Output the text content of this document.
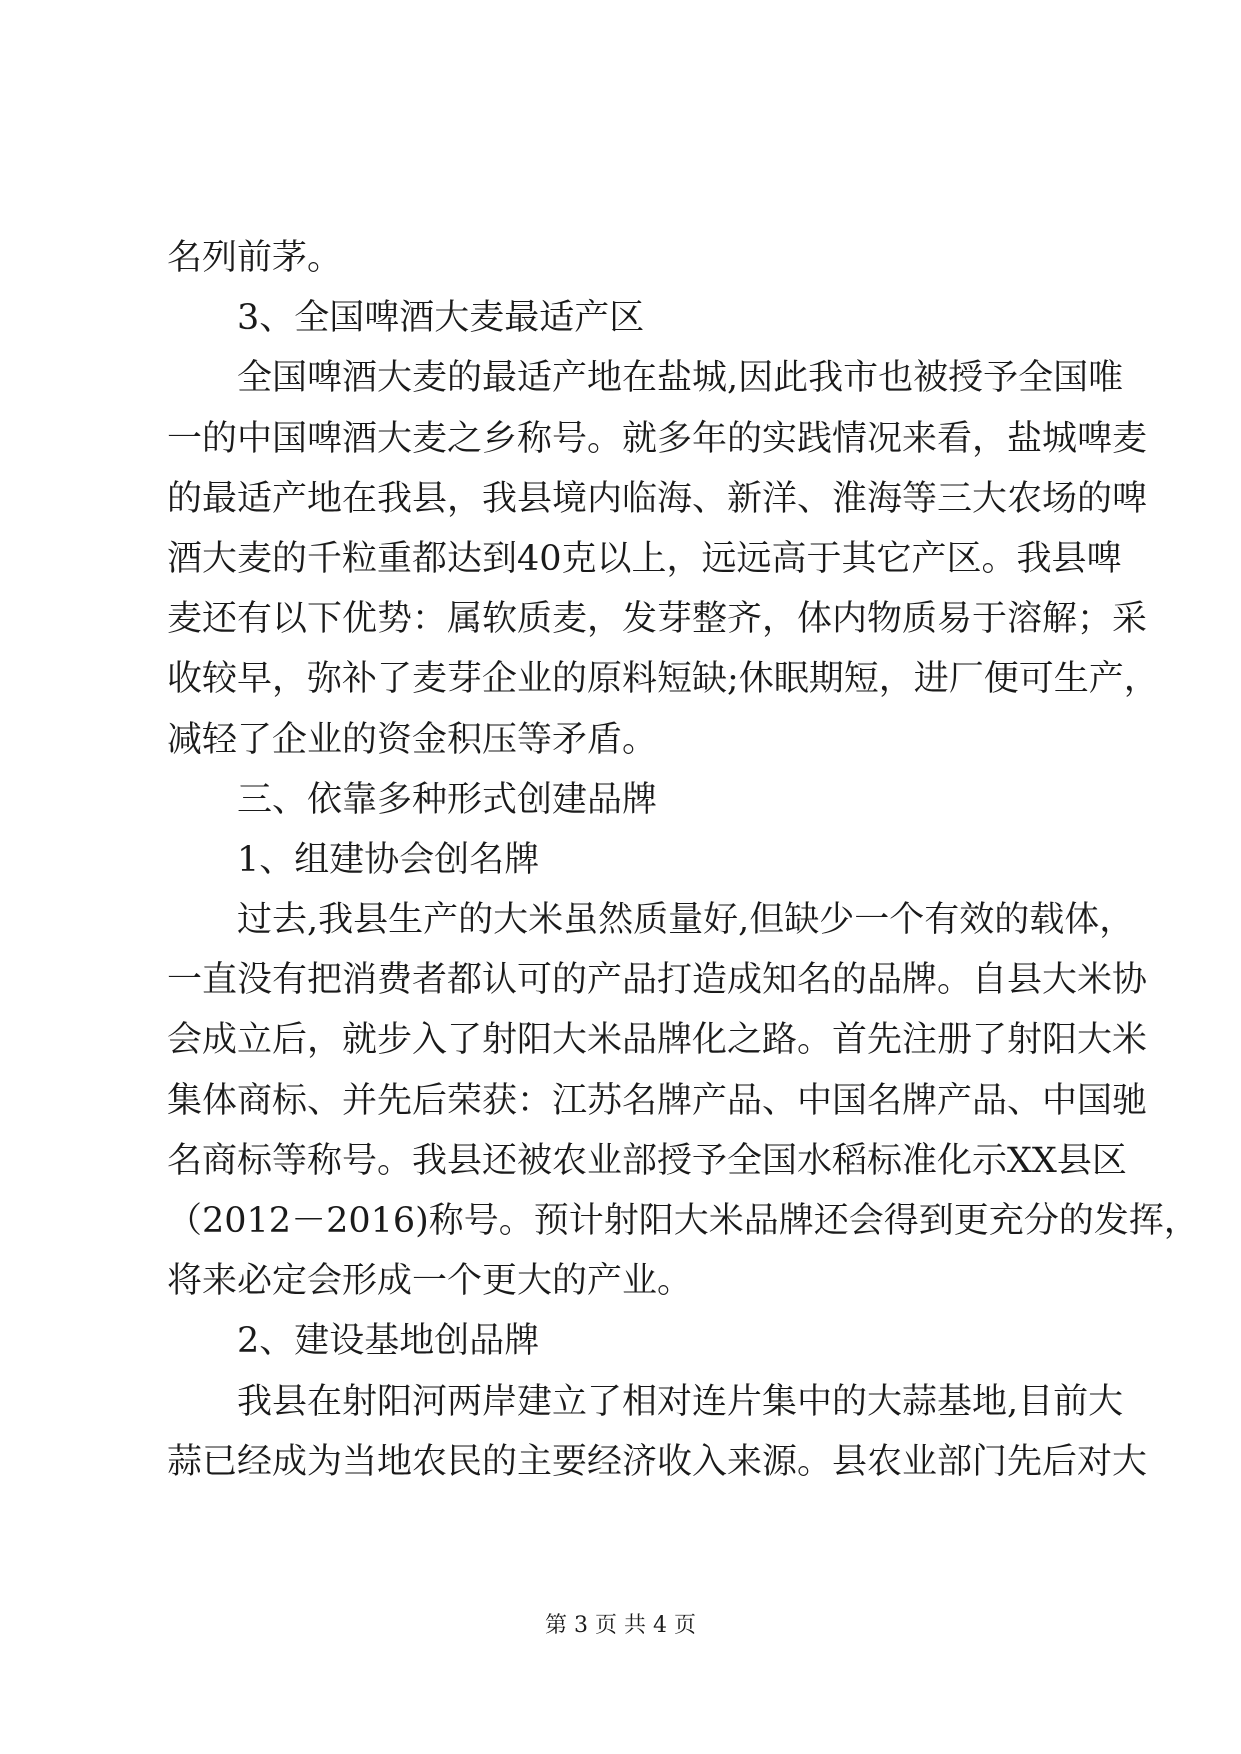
名列前茅。
3、全国啤酒大麦最适产区
全国啤酒大麦的最适产地在盐城,因此我市也被授予全国唯
一的中国啤酒大麦之乡称号。就多年的实践情况来看，盐城啤麦
的最适产地在我县，我县境内临海、新洋、淮海等三大农场的啤
酒大麦的千粒重都达到40克以上，远远高于其它产区。我县啤
麦还有以下优势：属软质麦，发芽整齐，体内物质易于溶解；采
收较早，弥补了麦芽企业的原料短缺;休眠期短，进厂便可生产，
减轻了企业的资金积压等矛盾。
三、依靠多种形式创建品牌
1、组建协会创名牌
过去,我县生产的大米虽然质量好,但缺少一个有效的载体，
一直没有把消费者都认可的产品打造成知名的品牌。自县大米协
会成立后，就步入了射阳大米品牌化之路。首先注册了射阳大米
集体商标、并先后荣获：江苏名牌产品、中国名牌产品、中国驰
名商标等称号。我县还被农业部授予全国水稻标准化示XX县区
（2012－2016)称号。预计射阳大米品牌还会得到更充分的发挥，
将来必定会形成一个更大的产业。
2、建设基地创品牌
我县在射阳河两岸建立了相对连片集中的大蒜基地,目前大
蒜已经成为当地农民的主要经济收入来源。县农业部门先后对大
第 3 页 共 4 页
